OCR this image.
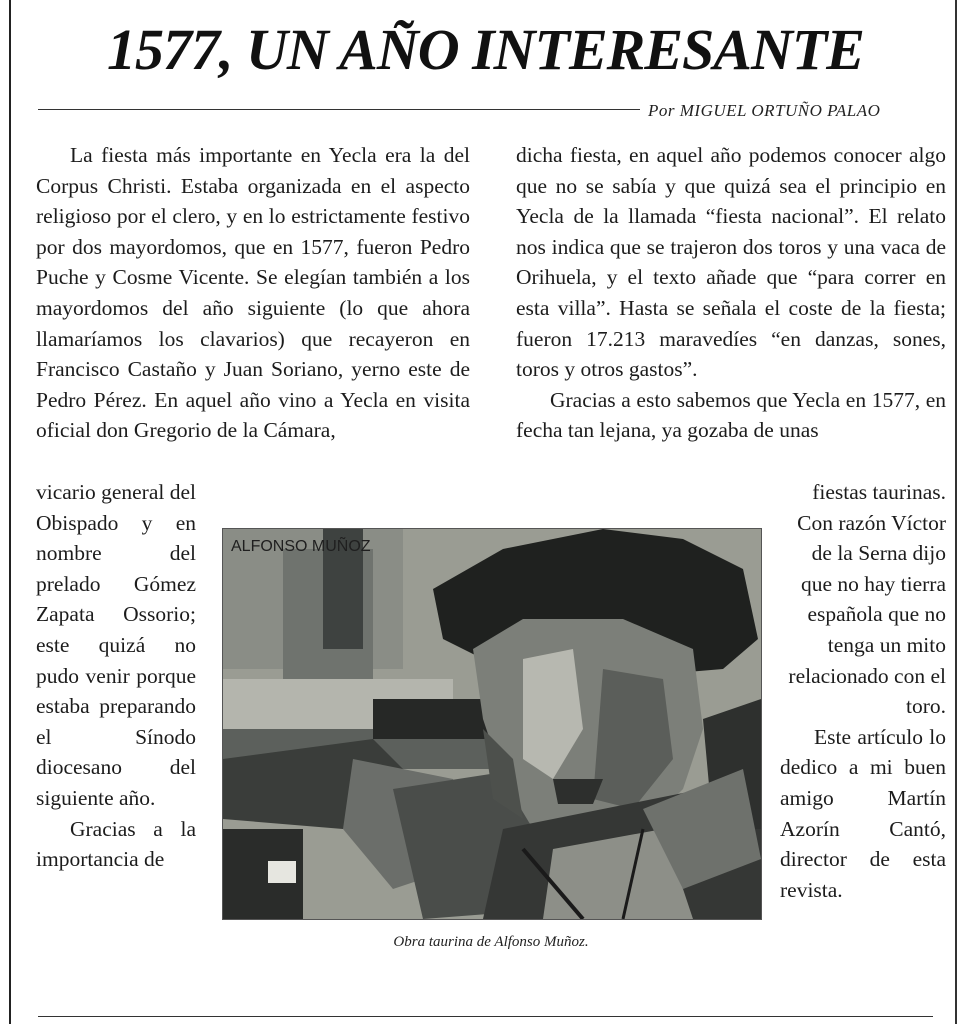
1577, UN AÑO INTERESANTE
Por MIGUEL ORTUÑO PALAO

La fiesta más importante en Yecla era la del Corpus Christi. Estaba organizada en el aspecto religioso por el clero, y en lo estrictamente festivo por dos mayordomos, que en 1577, fueron Pedro Puche y Cosme Vicente. Se elegían también a los mayordomos del año siguiente (lo que ahora llamaríamos los clavarios) que recayeron en Francisco Castaño y Juan Soriano, yerno este de Pedro Pérez. En aquel año vino a Yecla en visita oficial don Gregorio de la Cámara,

dicha fiesta, en aquel año podemos conocer algo que no se sabía y que quizá sea el principio en Yecla de la llamada “fiesta nacional”. El relato nos indica que se trajeron dos toros y una vaca de Orihuela, y el texto añade que “para correr en esta villa”. Hasta se señala el coste de la fiesta; fueron 17.213 maravedíes “en danzas, sones, toros y otros gastos”.

Gracias a esto sabemos que Yecla en 1577, en fecha tan lejana, ya gozaba de unas

vicario general del Obispado y en nombre del prelado Gómez Zapata Ossorio; este quizá no pudo venir porque estaba preparando el Sínodo diocesano del siguiente año.

Gracias a la importancia de

fiestas taurinas. Con razón Víctor de la Serna dijo que no hay tierra española que no tenga un mito relacionado con el toro.

Este artículo lo dedico a mi buen amigo Martín Azorín Cantó, director de esta revista.

ALFONSO MUÑOZ
Obra taurina de Alfonso Muñoz.
